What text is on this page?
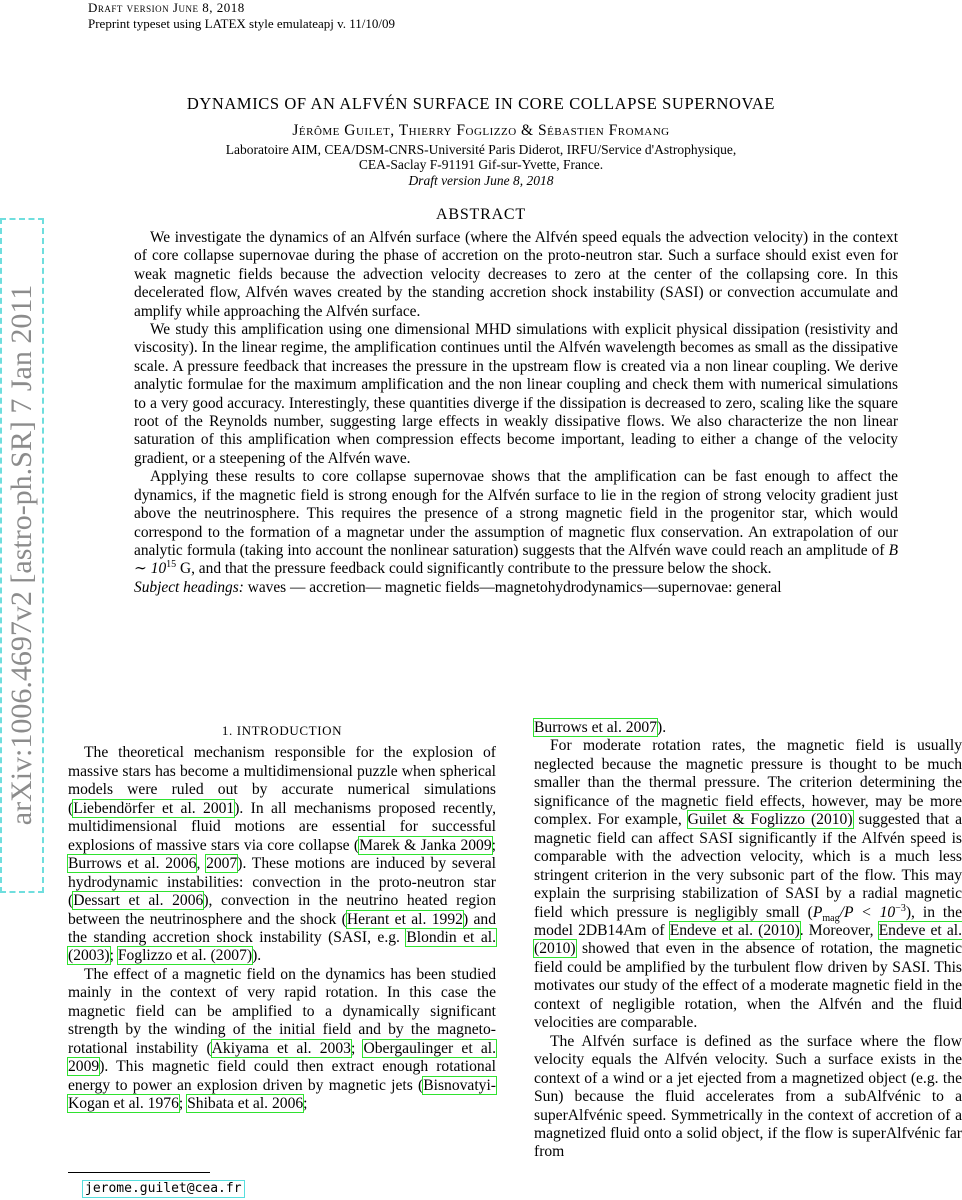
Draft version June 8, 2018
Preprint typeset using LATEX style emulateapj v. 11/10/09
arXiv:1006.4697v2 [astro-ph.SR] 7 Jan 2011
DYNAMICS OF AN ALFVÉN SURFACE IN CORE COLLAPSE SUPERNOVAE
Jérôme Guilet, Thierry Foglizzo & Sébastien Fromang
Laboratoire AIM, CEA/DSM-CNRS-Université Paris Diderot, IRFU/Service d'Astrophysique,
CEA-Saclay F-91191 Gif-sur-Yvette, France.
Draft version June 8, 2018
ABSTRACT

We investigate the dynamics of an Alfvén surface (where the Alfvén speed equals the advection velocity) in the context of core collapse supernovae during the phase of accretion on the proto-neutron star. Such a surface should exist even for weak magnetic fields because the advection velocity decreases to zero at the center of the collapsing core. In this decelerated flow, Alfvén waves created by the standing accretion shock instability (SASI) or convection accumulate and amplify while approaching the Alfvén surface.

We study this amplification using one dimensional MHD simulations with explicit physical dissipation (resistivity and viscosity). In the linear regime, the amplification continues until the Alfvén wavelength becomes as small as the dissipative scale. A pressure feedback that increases the pressure in the upstream flow is created via a non linear coupling. We derive analytic formulae for the maximum amplification and the non linear coupling and check them with numerical simulations to a very good accuracy. Interestingly, these quantities diverge if the dissipation is decreased to zero, scaling like the square root of the Reynolds number, suggesting large effects in weakly dissipative flows. We also characterize the non linear saturation of this amplification when compression effects become important, leading to either a change of the velocity gradient, or a steepening of the Alfvén wave.

Applying these results to core collapse supernovae shows that the amplification can be fast enough to affect the dynamics, if the magnetic field is strong enough for the Alfvén surface to lie in the region of strong velocity gradient just above the neutrinosphere. This requires the presence of a strong magnetic field in the progenitor star, which would correspond to the formation of a magnetar under the assumption of magnetic flux conservation. An extrapolation of our analytic formula (taking into account the nonlinear saturation) suggests that the Alfvén wave could reach an amplitude of B ∼ $10^{15}$ G, and that the pressure feedback could significantly contribute to the pressure below the shock.

Subject headings: waves — accretion— magnetic fields—magnetohydrodynamics—supernovae: general

1. INTRODUCTION

The theoretical mechanism responsible for the explosion of massive stars has become a multidimensional puzzle when spherical models were ruled out by accurate numerical simulations (Liebendörfer et al. 2001). In all mechanisms proposed recently, multidimensional fluid motions are essential for successful explosions of massive stars via core collapse (Marek & Janka 2009; Burrows et al. 2006, 2007). These motions are induced by several hydrodynamic instabilities: convection in the proto-neutron star (Dessart et al. 2006), convection in the neutrino heated region between the neutrinosphere and the shock (Herant et al. 1992) and the standing accretion shock instability (SASI, e.g. Blondin et al. (2003); Foglizzo et al. (2007)).

The effect of a magnetic field on the dynamics has been studied mainly in the context of very rapid rotation. In this case the magnetic field can be amplified to a dynamically significant strength by the winding of the initial field and by the magneto-rotational instability (Akiyama et al. 2003; Obergaulinger et al. 2009). This magnetic field could then extract enough rotational energy to power an explosion driven by magnetic jets (Bisnovatyi-Kogan et al. 1976; Shibata et al. 2006;

Burrows et al. 2007).

For moderate rotation rates, the magnetic field is usually neglected because the magnetic pressure is thought to be much smaller than the thermal pressure. The criterion determining the significance of the magnetic field effects, however, may be more complex. For example, Guilet & Foglizzo (2010) suggested that a magnetic field can affect SASI significantly if the Alfvén speed is comparable with the advection velocity, which is a much less stringent criterion in the very subsonic part of the flow. This may explain the surprising stabilization of SASI by a radial magnetic field which pressure is negligibly small $(P_{mag}/P < 10^{-3})$, in the model 2DB14Am of Endeve et al. (2010). Moreover, Endeve et al. (2010) showed that even in the absence of rotation, the magnetic field could be amplified by the turbulent flow driven by SASI. This motivates our study of the effect of a moderate magnetic field in the context of negligible rotation, when the Alfvén and the fluid velocities are comparable.

The Alfvén surface is defined as the surface where the flow velocity equals the Alfvén velocity. Such a surface exists in the context of a wind or a jet ejected from a magnetized object (e.g. the Sun) because the fluid accelerates from a subAlfvénic to a superAlfvénic speed. Symmetrically in the context of accretion of a magnetized fluid onto a solid object, if the flow is superAlfvénic far from

jerome.guilet@cea.fr
